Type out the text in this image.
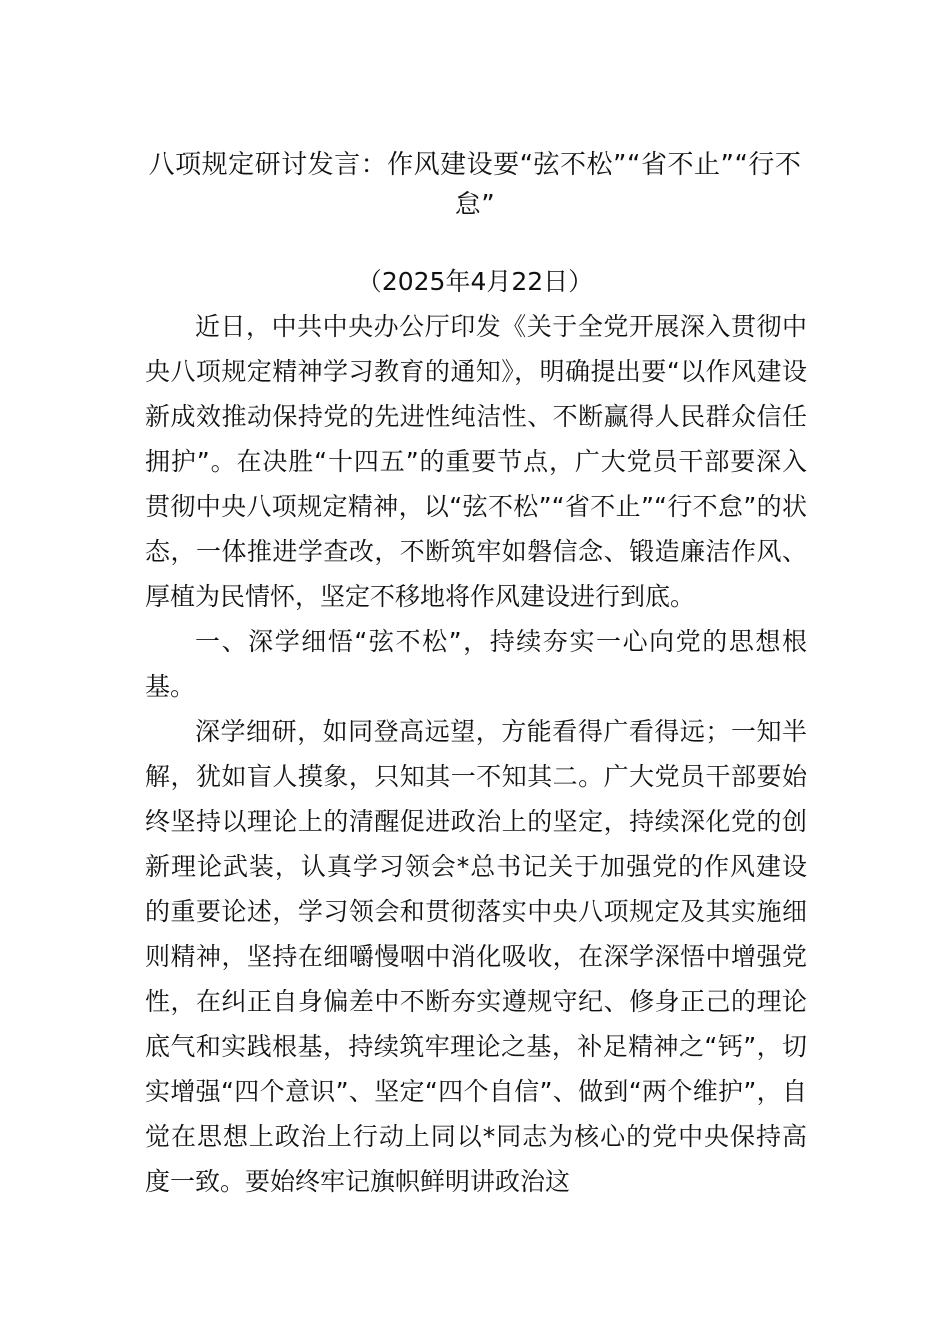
八项规定研讨发言：作风建设要“弦不松”“省不止”“行不怠”
（2025年4月22日）

近日，中共中央办公厅印发《关于全党开展深入贯彻中央八项规定精神学习教育的通知》，明确提出要“以作风建设新成效推动保持党的先进性纯洁性、不断赢得人民群众信任拥护”。在决胜“十四五”的重要节点，广大党员干部要深入贯彻中央八项规定精神，以“弦不松”“省不止”“行不怠”的状态，一体推进学查改，不断筑牢如磐信念、锻造廉洁作风、厚植为民情怀，坚定不移地将作风建设进行到底。

一、深学细悟“弦不松”，持续夯实一心向党的思想根基。

深学细研，如同登高远望，方能看得广看得远；一知半解，犹如盲人摸象，只知其一不知其二。广大党员干部要始终坚持以理论上的清醒促进政治上的坚定，持续深化党的创新理论武装，认真学习领会*总书记关于加强党的作风建设的重要论述，学习领会和贯彻落实中央八项规定及其实施细则精神，坚持在细嚼慢咽中消化吸收，在深学深悟中增强党性，在纠正自身偏差中不断夯实遵规守纪、修身正己的理论底气和实践根基，持续筑牢理论之基，补足精神之“钙”，切实增强“四个意识”、坚定“四个自信”、做到“两个维护”，自觉在思想上政治上行动上同以*同志为核心的党中央保持高度一致。要始终牢记旗帜鲜明讲政治这
